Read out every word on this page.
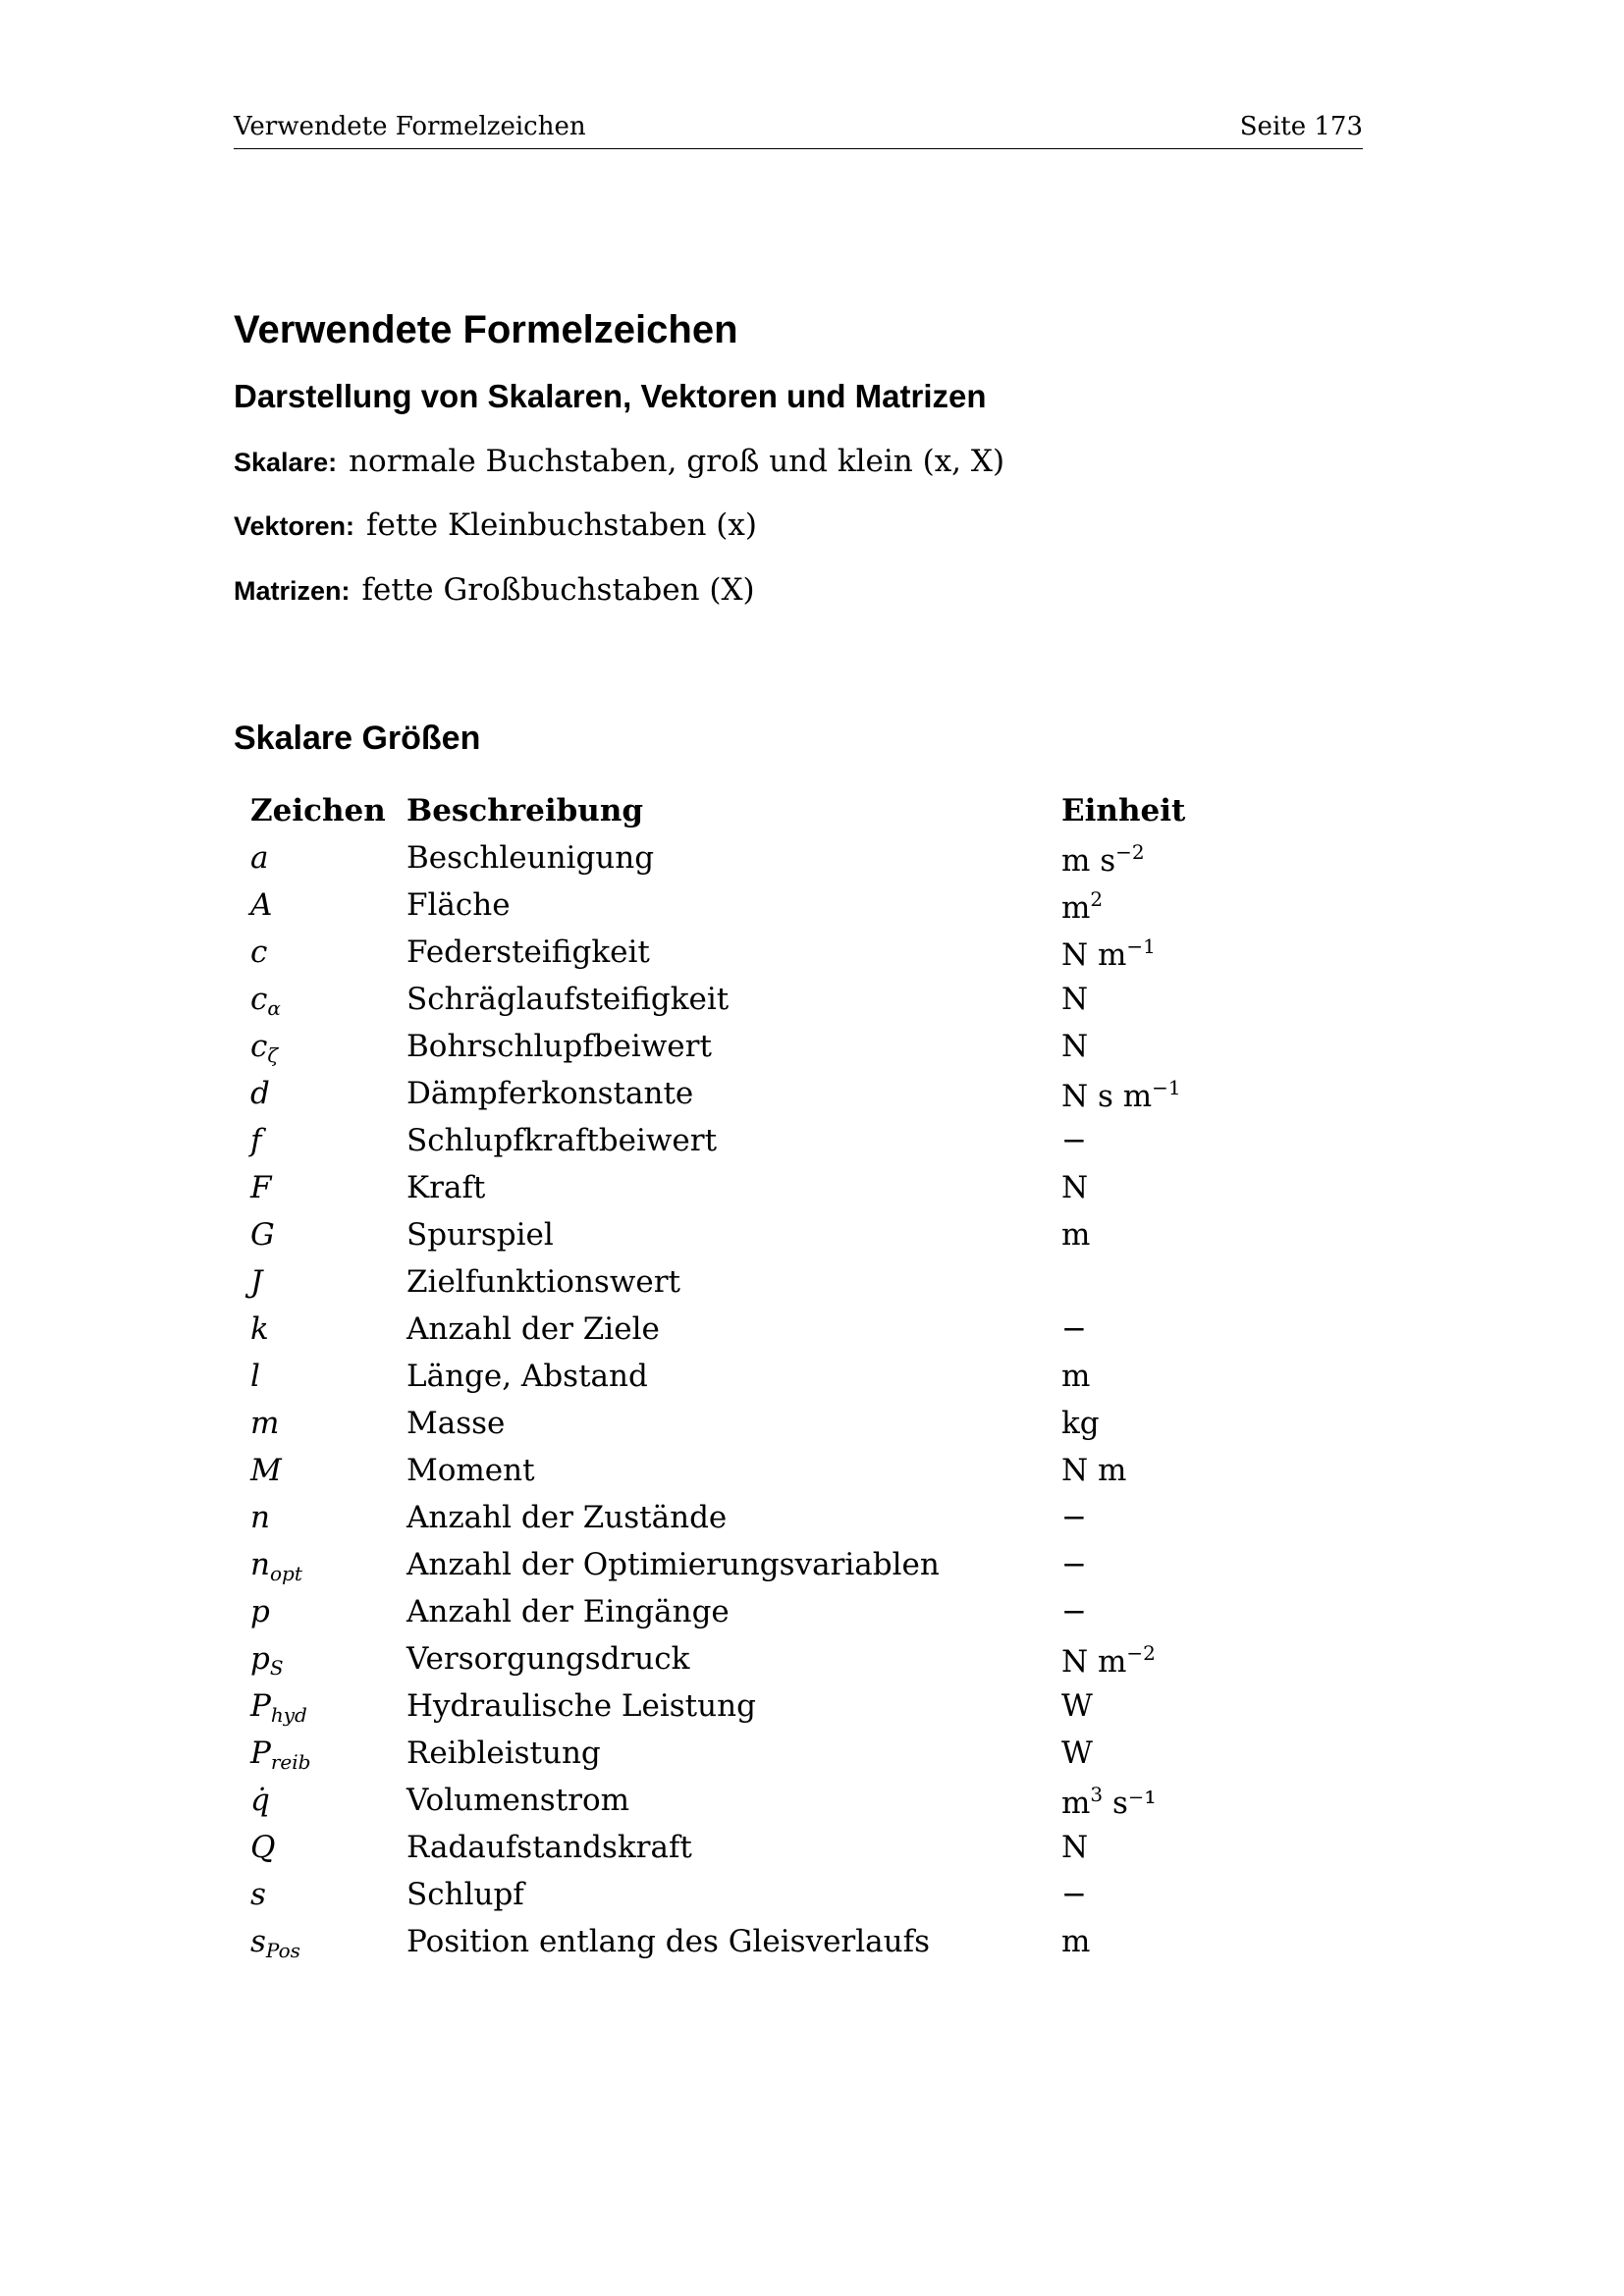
Verwendete Formelzeichen	Seite 173
Verwendete Formelzeichen
Darstellung von Skalaren, Vektoren und Matrizen
Skalare: normale Buchstaben, groß und klein (x, X)
Vektoren: fette Kleinbuchstaben (x)
Matrizen: fette Großbuchstaben (X)
Skalare Größen
Zeichen Beschreibung	Einheit
a	Beschleunigung	m $s^{-2}$
A	Fläche	$m^2$
c	Federsteifigkeit	N $m^{-1}$
$c_\alpha$	Schräglaufsteifigkeit	N
$c_\zeta$	Bohrschlupfbeiwert	N
d	Dämpferkonstante	N s $m^{-1}$
f	Schlupfkraftbeiwert	−
F	Kraft	N
G	Spurspiel	m
J	Zielfunktionswert
k	Anzahl der Ziele	−
l	Länge, Abstand	m
m	Masse	kg
M	Moment	N m
n	Anzahl der Zustände	−
$n_{opt}$	Anzahl der Optimierungsvariablen	−
p	Anzahl der Eingänge	−
$p_S$	Versorgungsdruck	N $m^{-2}$
$P_{hyd}$	Hydraulische Leistung	W
$P_{reib}$	Reibleistung	W
q̇	Volumenstrom	$m^3$ s⁻¹
Q	Radaufstandskraft	N
s	Schlupf	−
$s_{Pos}$	Position entlang des Gleisverlaufs	m
